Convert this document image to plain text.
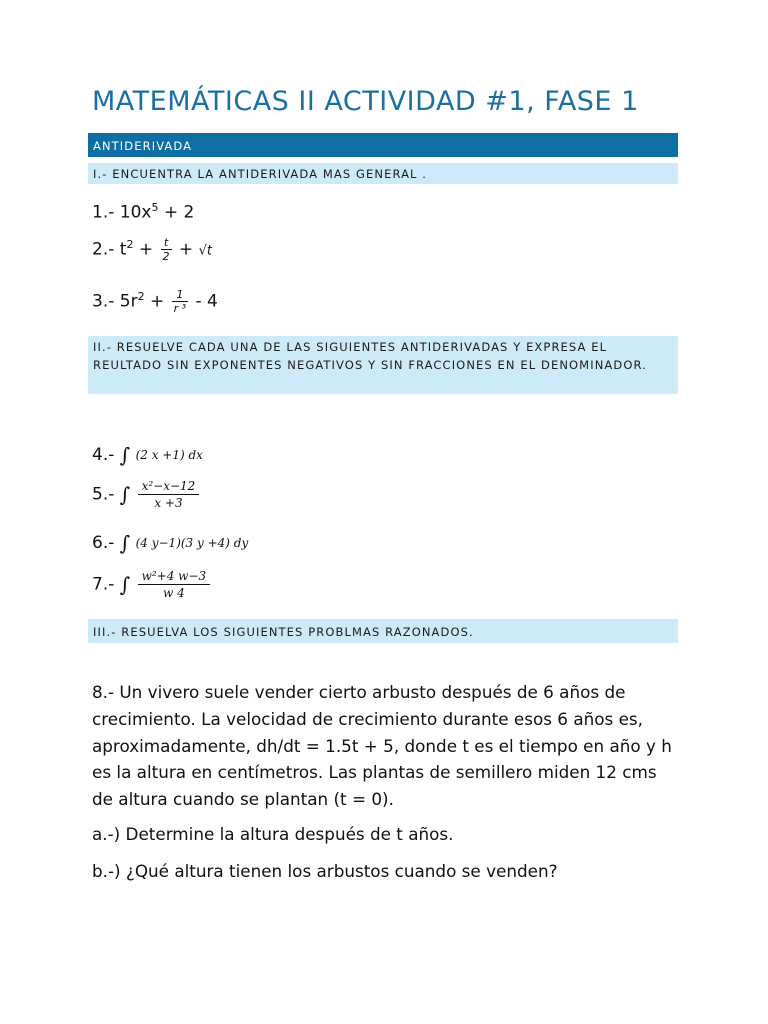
MATEMÁTICAS II ACTIVIDAD #1, FASE 1
ANTIDERIVADA
I.- ENCUENTRA LA ANTIDERIVADA MAS GENERAL .
1.- $10x^5 + 2$
2.- $t^2 + \frac{t}{2} + √t$
3.- $5r^2 + \frac{1}{\text{r ³}} - 4$
II.- RESUELVE CADA UNA DE LAS SIGUIENTES ANTIDERIVADAS Y EXPRESA EL REULTADO SIN EXPONENTES NEGATIVOS Y SIN FRACCIONES EN EL DENOMINADOR.
4.- ∫ (2 x +1) dx
5.- ∫ $\frac{\text{x²−x−12}}{x +3}$
6.- ∫ (4 y−1)(3 y +4) dy
7.- ∫ $\frac{\text{w²+4 w−3}}{w 4}$
III.- RESUELVA LOS SIGUIENTES PROBLMAS RAZONADOS.

8.- Un vivero suele vender cierto arbusto después de 6 años de crecimiento. La velocidad de crecimiento durante esos 6 años es, aproximadamente, dh/dt = 1.5t + 5, donde t es el tiempo en año y h es la altura en centímetros. Las plantas de semillero miden 12 cms de altura cuando se plantan (t = 0).

a.-) Determine la altura después de t años.

b.-) ¿Qué altura tienen los arbustos cuando se venden?
